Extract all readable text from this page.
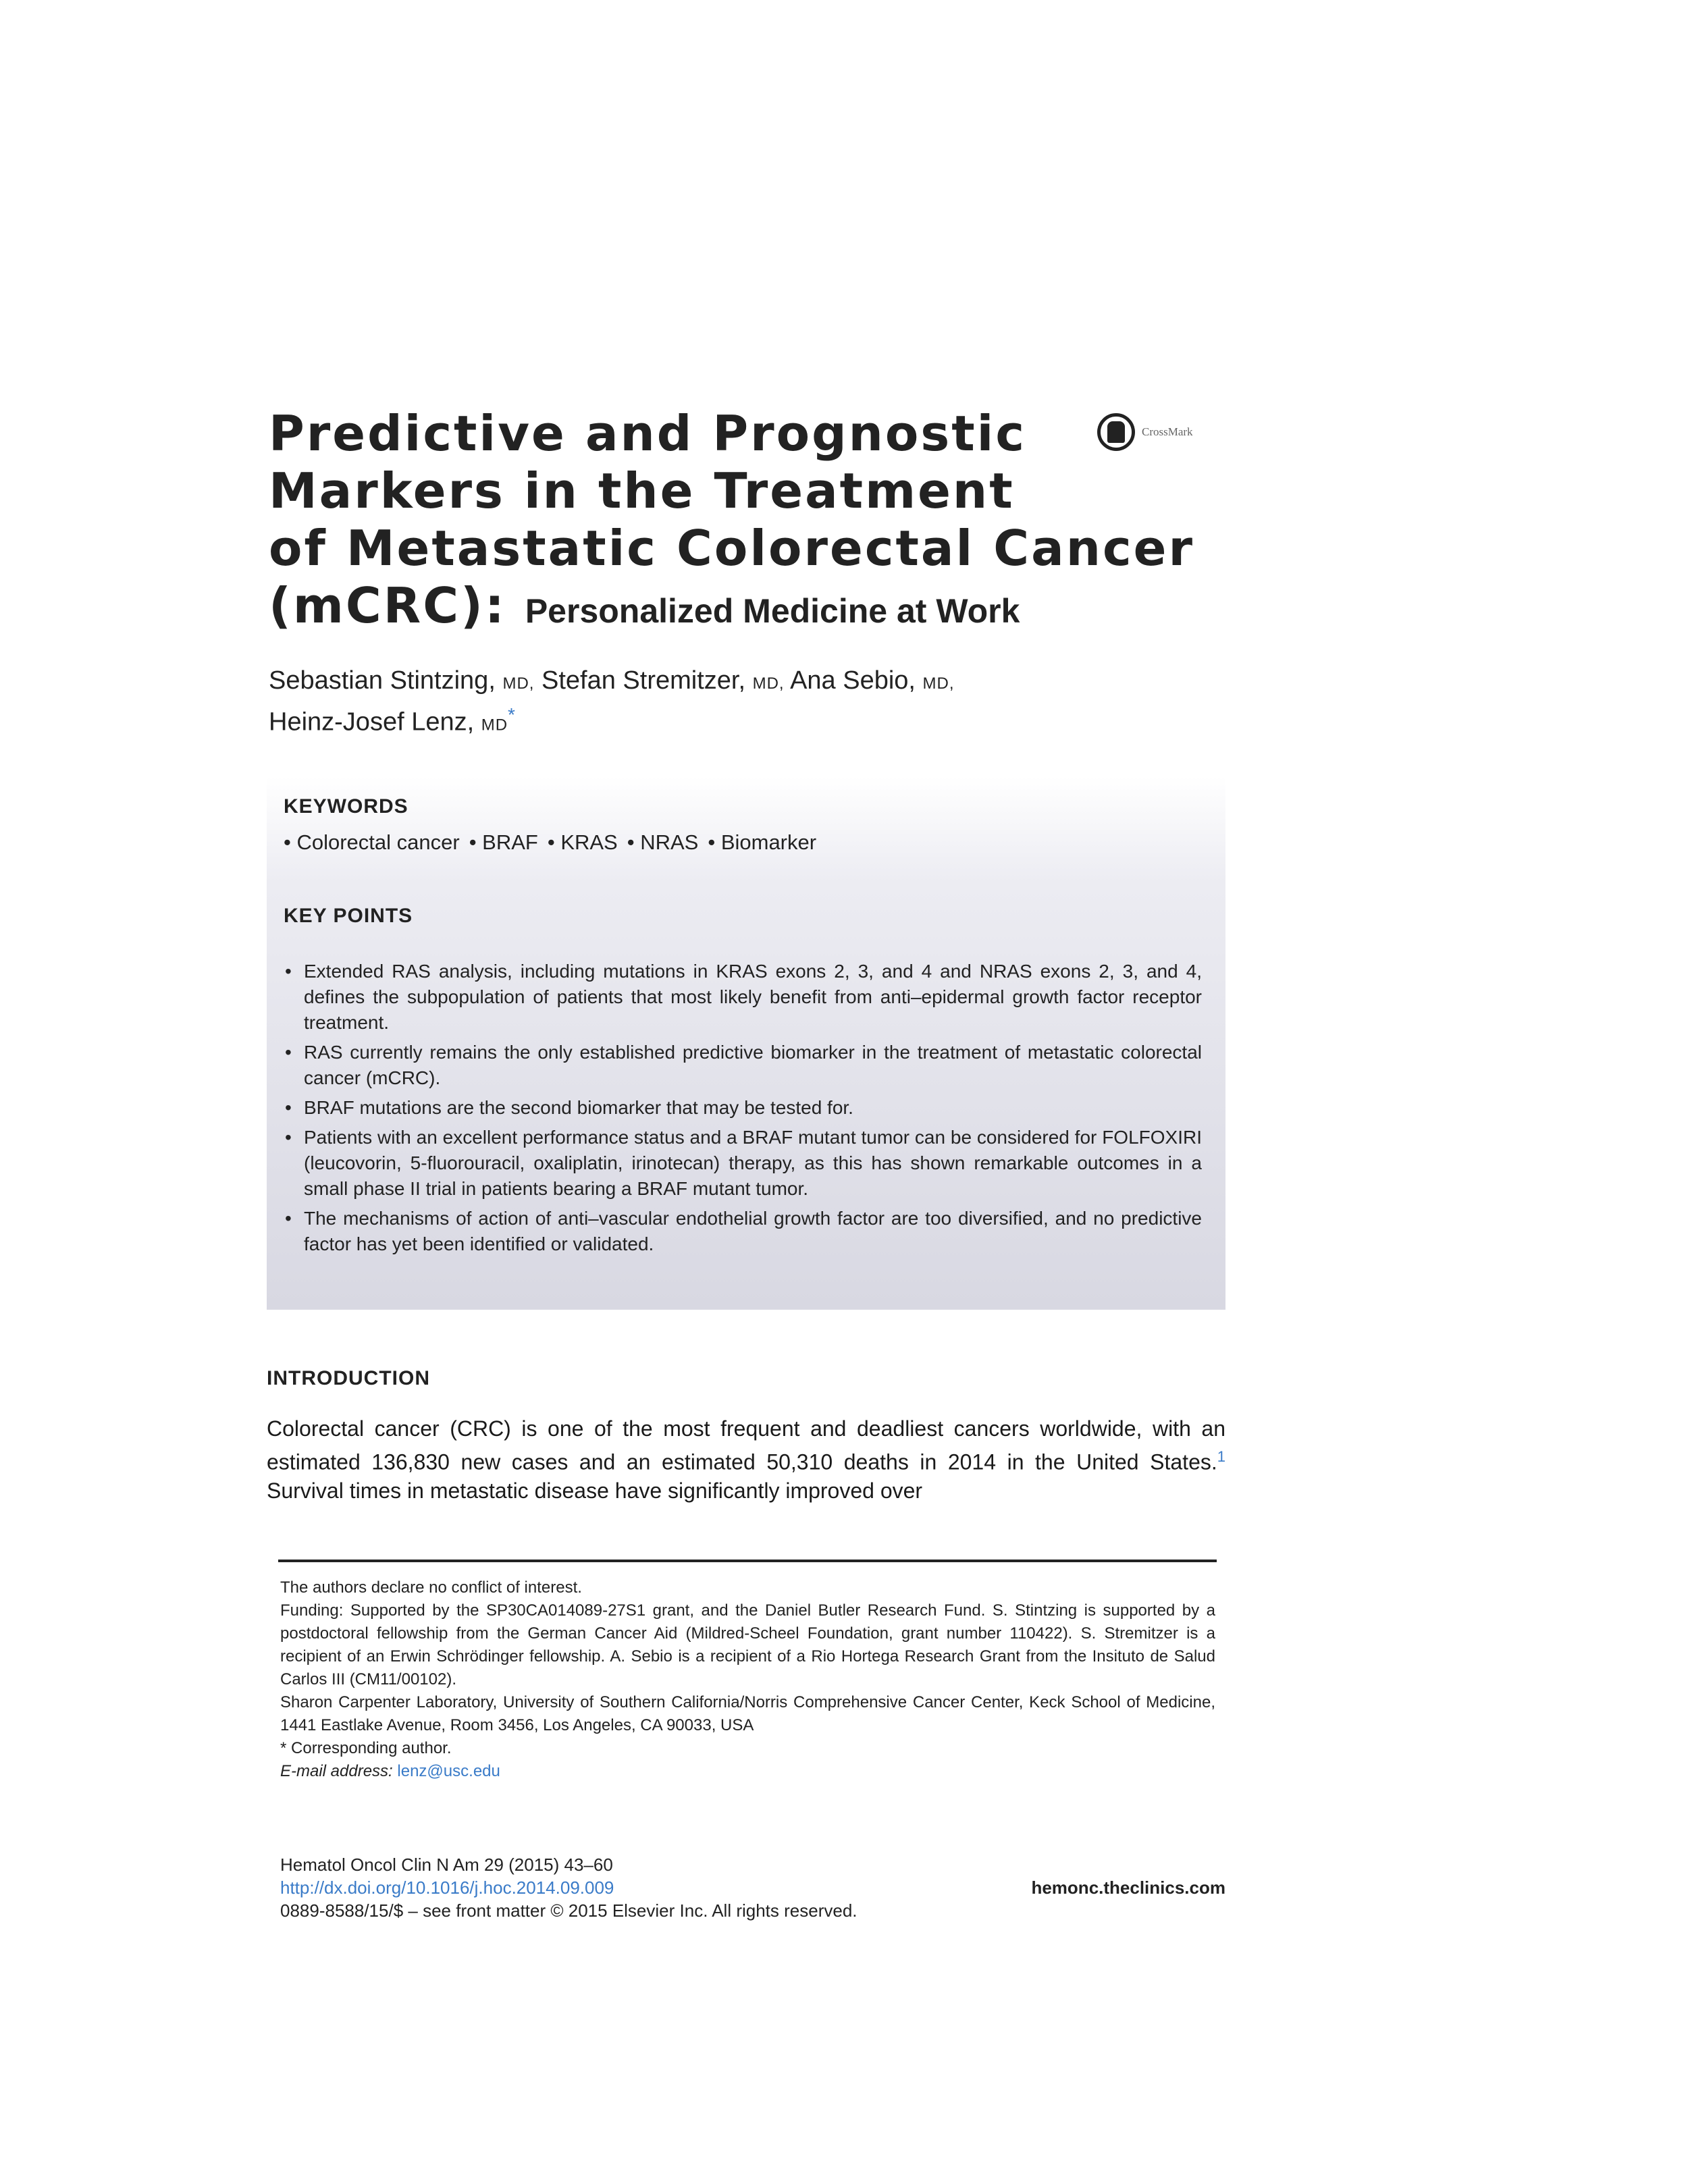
Predictive and Prognostic
Markers in the Treatment
of Metastatic Colorectal Cancer
(mCRC): Personalized Medicine at Work
CrossMark
Sebastian Stintzing, MD, Stefan Stremitzer, MD, Ana Sebio, MD,
Heinz-Josef Lenz, MD*
KEYWORDS
• Colorectal cancer • BRAF • KRAS • NRAS • Biomarker
KEY POINTS
• Extended RAS analysis, including mutations in KRAS exons 2, 3, and 4 and NRAS exons 2, 3, and 4, defines the subpopulation of patients that most likely benefit from anti–epidermal growth factor receptor treatment.
• RAS currently remains the only established predictive biomarker in the treatment of metastatic colorectal cancer (mCRC).
• BRAF mutations are the second biomarker that may be tested for.
• Patients with an excellent performance status and a BRAF mutant tumor can be considered for FOLFOXIRI (leucovorin, 5-fluorouracil, oxaliplatin, irinotecan) therapy, as this has shown remarkable outcomes in a small phase II trial in patients bearing a BRAF mutant tumor.
• The mechanisms of action of anti–vascular endothelial growth factor are too diversified, and no predictive factor has yet been identified or validated.
INTRODUCTION
Colorectal cancer (CRC) is one of the most frequent and deadliest cancers worldwide, with an estimated 136,830 new cases and an estimated 50,310 deaths in 2014 in the United States.$^1$ Survival times in metastatic disease have significantly improved over

The authors declare no conflict of interest.

Funding: Supported by the SP30CA014089-27S1 grant, and the Daniel Butler Research Fund. S. Stintzing is supported by a postdoctoral fellowship from the German Cancer Aid (Mildred-Scheel Foundation, grant number 110422). S. Stremitzer is a recipient of an Erwin Schrödinger fellowship. A. Sebio is a recipient of a Rio Hortega Research Grant from the Insituto de Salud Carlos III (CM11/00102).

Sharon Carpenter Laboratory, University of Southern California/Norris Comprehensive Cancer Center, Keck School of Medicine, 1441 Eastlake Avenue, Room 3456, Los Angeles, CA 90033, USA

* Corresponding author.

E-mail address: lenz@usc.edu

Hematol Oncol Clin N Am 29 (2015) 43–60
http://dx.doi.org/10.1016/j.hoc.2014.09.009	hemonc.theclinics.com
0889-8588/15/$ – see front matter © 2015 Elsevier Inc. All rights reserved.
